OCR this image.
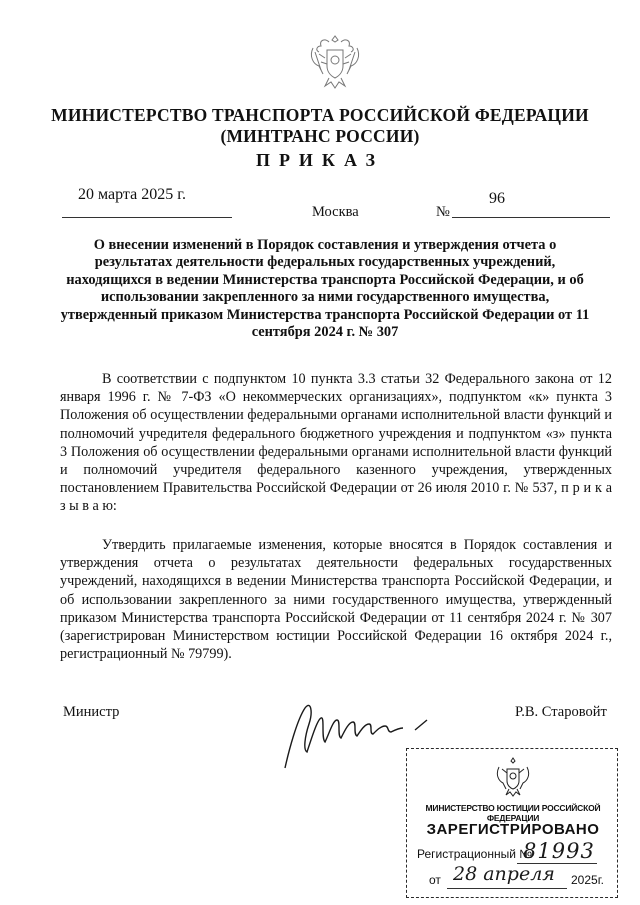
МИНИСТЕРСТВО ТРАНСПОРТА РОССИЙСКОЙ ФЕДЕРАЦИИ
(МИНТРАНС РОССИИ)
ПРИКАЗ
20 марта 2025 г.
Москва	№
96
О внесении изменений в Порядок составления и утверждения отчета о результатах деятельности федеральных государственных учреждений, находящихся в ведении Министерства транспорта Российской Федерации, и об использовании закрепленного за ними государственного имущества, утвержденный приказом Министерства транспорта Российской Федерации от 11 сентября 2024 г. № 307
В соответствии с подпунктом 10 пункта 3.3 статьи 32 Федерального закона от 12 января 1996 г. № 7-ФЗ «О некоммерческих организациях», подпунктом «к» пункта 3 Положения об осуществлении федеральными органами исполнительной власти функций и полномочий учредителя федерального бюджетного учреждения и подпунктом «з» пункта 3 Положения об осуществлении федеральными органами исполнительной власти функций и полномочий учредителя федерального казенного учреждения, утвержденных постановлением Правительства Российской Федерации от 26 июля 2010 г. № 537, п р и к а з ы в а ю:
Утвердить прилагаемые изменения, которые вносятся в Порядок составления и утверждения отчета о результатах деятельности федеральных государственных учреждений, находящихся в ведении Министерства транспорта Российской Федерации, и об использовании закрепленного за ними государственного имущества, утвержденный приказом Министерства транспорта Российской Федерации от 11 сентября 2024 г. № 307 (зарегистрирован Министерством юстиции Российской Федерации 16 октября 2024 г., регистрационный № 79799).
Министр	Р.В. Старовойт
МИНИСТЕРСТВО ЮСТИЦИИ РОССИЙСКОЙ ФЕДЕРАЦИИ
ЗАРЕГИСТРИРОВАНО
Регистрационный №
81993
от 28 апреля 2025г.
